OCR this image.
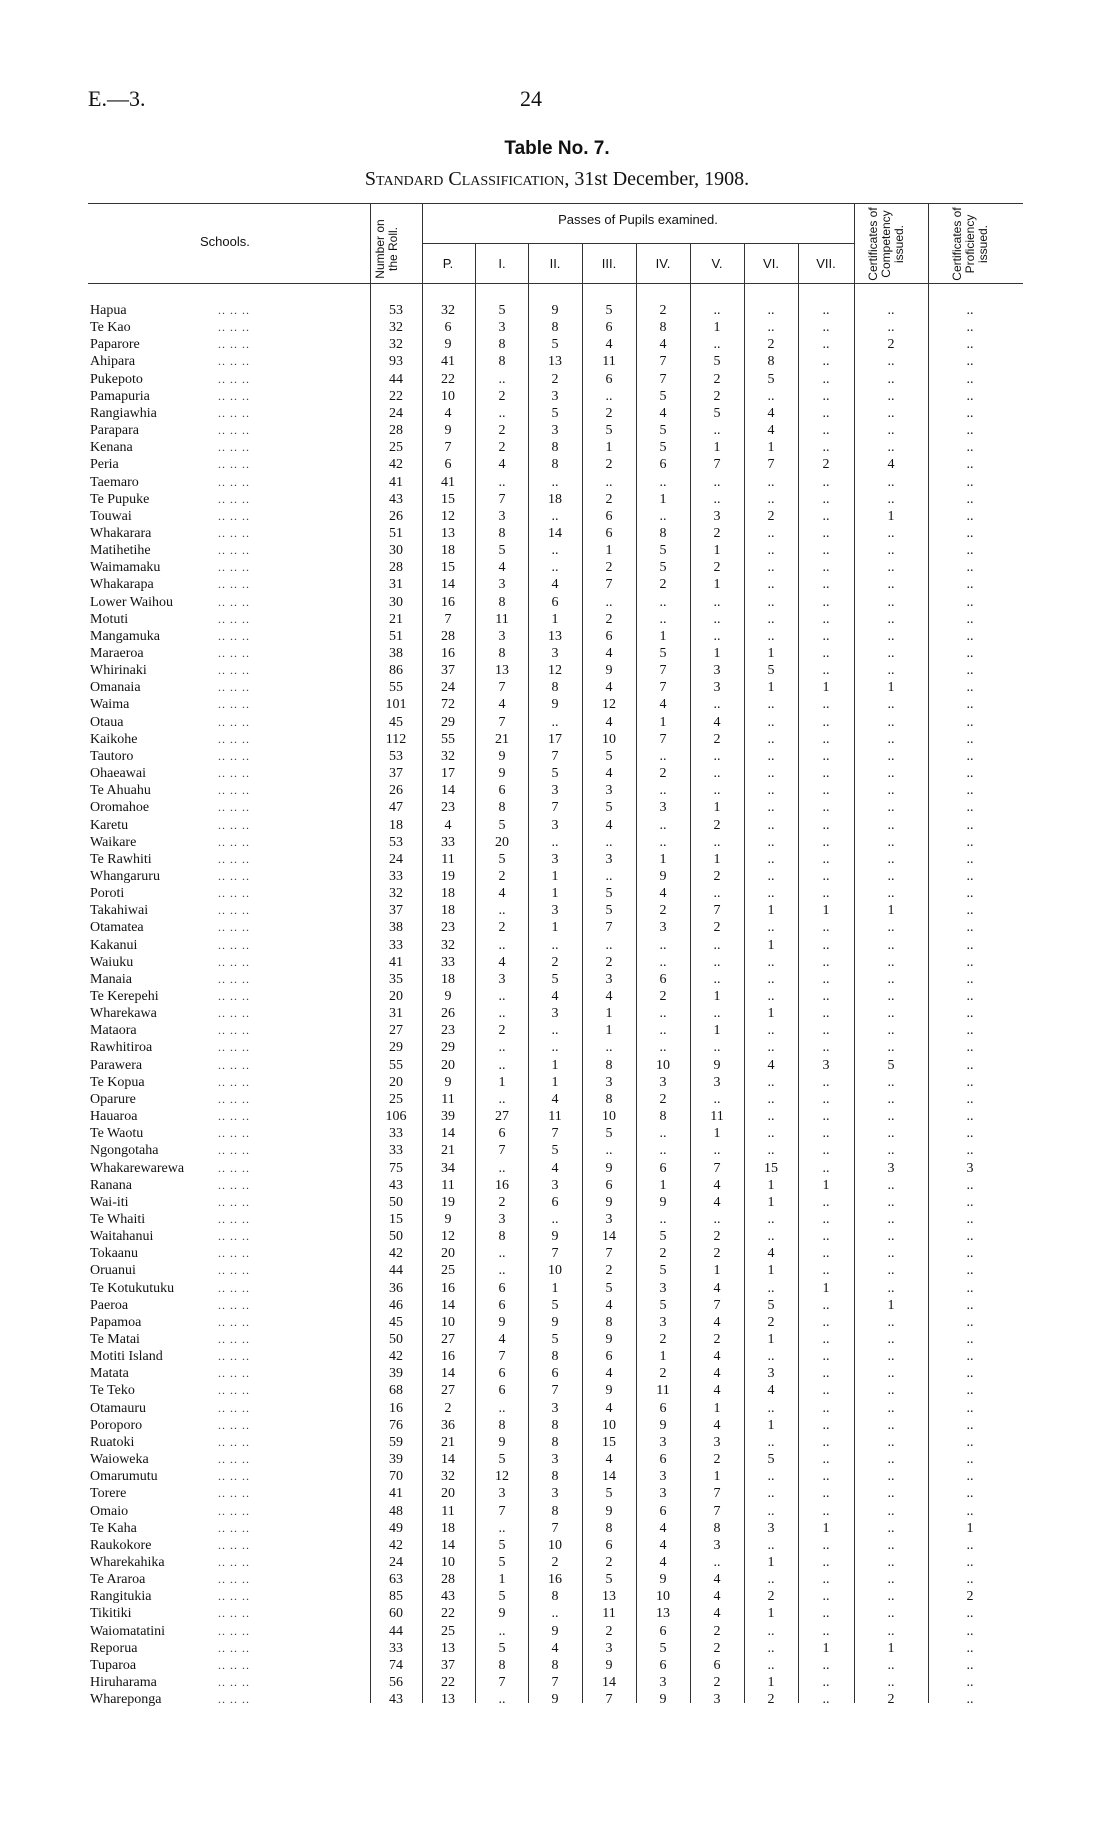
E.—3.	24
Table No. 7.
Standard Classification, 31st December, 1908.
Schools.	Number on the Roll.
Passes of Pupils examined.	Certificates of Competency issued.	Certificates of Proficiency issued.
P.	I.	II.	III.	IV.	V.	VI.	VII.
Hapua	.. .. ..	53	32	5	9	5	2	..	..	..	..	..
Te Kao	.. .. ..	32	6	3	8	6	8	1	..	..	..	..
Paparore	.. .. ..	32	9	8	5	4	4	..	2	..	2	..
Ahipara	.. .. ..	93	41	8	13	11	7	5	8	..	..	..
Pukepoto	.. .. ..	44	22	..	2	6	7	2	5	..	..	..
Pamapuria	.. .. ..	22	10	2	3	..	5	2	..	..	..	..
Rangiawhia	.. .. ..	24	4	..	5	2	4	5	4	..	..	..
Parapara	.. .. ..	28	9	2	3	5	5	..	4	..	..	..
Kenana	.. .. ..	25	7	2	8	1	5	1	1	..	..	..
Peria	.. .. ..	42	6	4	8	2	6	7	7	2	4	..
Taemaro	.. .. ..	41	41	..	..	..	..	..	..	..	..	..
Te Pupuke	.. .. ..	43	15	7	18	2	1	..	..	..	..	..
Touwai	.. .. ..	26	12	3	..	6	..	3	2	..	1	..
Whakarara	.. .. ..	51	13	8	14	6	8	2	..	..	..	..
Matihetihe	.. .. ..	30	18	5	..	1	5	1	..	..	..	..
Waimamaku	.. .. ..	28	15	4	..	2	5	2	..	..	..	..
Whakarapa	.. .. ..	31	14	3	4	7	2	1	..	..	..	..
Lower Waihou	.. .. ..	30	16	8	6	..	..	..	..	..	..	..
Motuti	.. .. ..	21	7	11	1	2	..	..	..	..	..	..
Mangamuka	.. .. ..	51	28	3	13	6	1	..	..	..	..	..
Maraeroa	.. .. ..	38	16	8	3	4	5	1	1	..	..	..
Whirinaki	.. .. ..	86	37	13	12	9	7	3	5	..	..	..
Omanaia	.. .. ..	55	24	7	8	4	7	3	1	1	1	..
Waima	.. .. ..	101	72	4	9	12	4	..	..	..	..	..
Otaua	.. .. ..	45	29	7	..	4	1	4	..	..	..	..
Kaikohe	.. .. ..	112	55	21	17	10	7	2	..	..	..	..
Tautoro	.. .. ..	53	32	9	7	5	..	..	..	..	..	..
Ohaeawai	.. .. ..	37	17	9	5	4	2	..	..	..	..	..
Te Ahuahu	.. .. ..	26	14	6	3	3	..	..	..	..	..	..
Oromahoe	.. .. ..	47	23	8	7	5	3	1	..	..	..	..
Karetu	.. .. ..	18	4	5	3	4	..	2	..	..	..	..
Waikare	.. .. ..	53	33	20	..	..	..	..	..	..	..	..
Te Rawhiti	.. .. ..	24	11	5	3	3	1	1	..	..	..	..
Whangaruru	.. .. ..	33	19	2	1	..	9	2	..	..	..	..
Poroti	.. .. ..	32	18	4	1	5	4	..	..	..	..	..
Takahiwai	.. .. ..	37	18	..	3	5	2	7	1	1	1	..
Otamatea	.. .. ..	38	23	2	1	7	3	2	..	..	..	..
Kakanui	.. .. ..	33	32	..	..	..	..	..	1	..	..	..
Waiuku	.. .. ..	41	33	4	2	2	..	..	..	..	..	..
Manaia	.. .. ..	35	18	3	5	3	6	..	..	..	..	..
Te Kerepehi	.. .. ..	20	9	..	4	4	2	1	..	..	..	..
Wharekawa	.. .. ..	31	26	..	3	1	..	..	1	..	..	..
Mataora	.. .. ..	27	23	2	..	1	..	1	..	..	..	..
Rawhitiroa	.. .. ..	29	29	..	..	..	..	..	..	..	..	..
Parawera	.. .. ..	55	20	..	1	8	10	9	4	3	5	..
Te Kopua	.. .. ..	20	9	1	1	3	3	3	..	..	..	..
Oparure	.. .. ..	25	11	..	4	8	2	..	..	..	..	..
Hauaroa	.. .. ..	106	39	27	11	10	8	11	..	..	..	..
Te Waotu	.. .. ..	33	14	6	7	5	..	1	..	..	..	..
Ngongotaha	.. .. ..	33	21	7	5	..	..	..	..	..	..	..
Whakarewarewa	.. .. ..	75	34	..	4	9	6	7	15	..	3	3
Ranana	.. .. ..	43	11	16	3	6	1	4	1	1	..	..
Wai-iti	.. .. ..	50	19	2	6	9	9	4	1	..	..	..
Te Whaiti	.. .. ..	15	9	3	..	3	..	..	..	..	..	..
Waitahanui	.. .. ..	50	12	8	9	14	5	2	..	..	..	..
Tokaanu	.. .. ..	42	20	..	7	7	2	2	4	..	..	..
Oruanui	.. .. ..	44	25	..	10	2	5	1	1	..	..	..
Te Kotukutuku	.. .. ..	36	16	6	1	5	3	4	..	1	..	..
Paeroa	.. .. ..	46	14	6	5	4	5	7	5	..	1	..
Papamoa	.. .. ..	45	10	9	9	8	3	4	2	..	..	..
Te Matai	.. .. ..	50	27	4	5	9	2	2	1	..	..	..
Motiti Island	.. .. ..	42	16	7	8	6	1	4	..	..	..	..
Matata	.. .. ..	39	14	6	6	4	2	4	3	..	..	..
Te Teko	.. .. ..	68	27	6	7	9	11	4	4	..	..	..
Otamauru	.. .. ..	16	2	..	3	4	6	1	..	..	..	..
Poroporo	.. .. ..	76	36	8	8	10	9	4	1	..	..	..
Ruatoki	.. .. ..	59	21	9	8	15	3	3	..	..	..	..
Waioweka	.. .. ..	39	14	5	3	4	6	2	5	..	..	..
Omarumutu	.. .. ..	70	32	12	8	14	3	1	..	..	..	..
Torere	.. .. ..	41	20	3	3	5	3	7	..	..	..	..
Omaio	.. .. ..	48	11	7	8	9	6	7	..	..	..	..
Te Kaha	.. .. ..	49	18	..	7	8	4	8	3	1	..	1
Raukokore	.. .. ..	42	14	5	10	6	4	3	..	..	..	..
Wharekahika	.. .. ..	24	10	5	2	2	4	..	1	..	..	..
Te Araroa	.. .. ..	63	28	1	16	5	9	4	..	..	..	..
Rangitukia	.. .. ..	85	43	5	8	13	10	4	2	..	..	2
Tikitiki	.. .. ..	60	22	9	..	11	13	4	1	..	..	..
Waiomatatini	.. .. ..	44	25	..	9	2	6	2	..	..	..	..
Reporua	.. .. ..	33	13	5	4	3	5	2	..	1	1	..
Tuparoa	.. .. ..	74	37	8	8	9	6	6	..	..	..	..
Hiruharama	.. .. ..	56	22	7	7	14	3	2	1	..	..	..
Whareponga	.. .. ..	43	13	..	9	7	9	3	2	..	2	..
